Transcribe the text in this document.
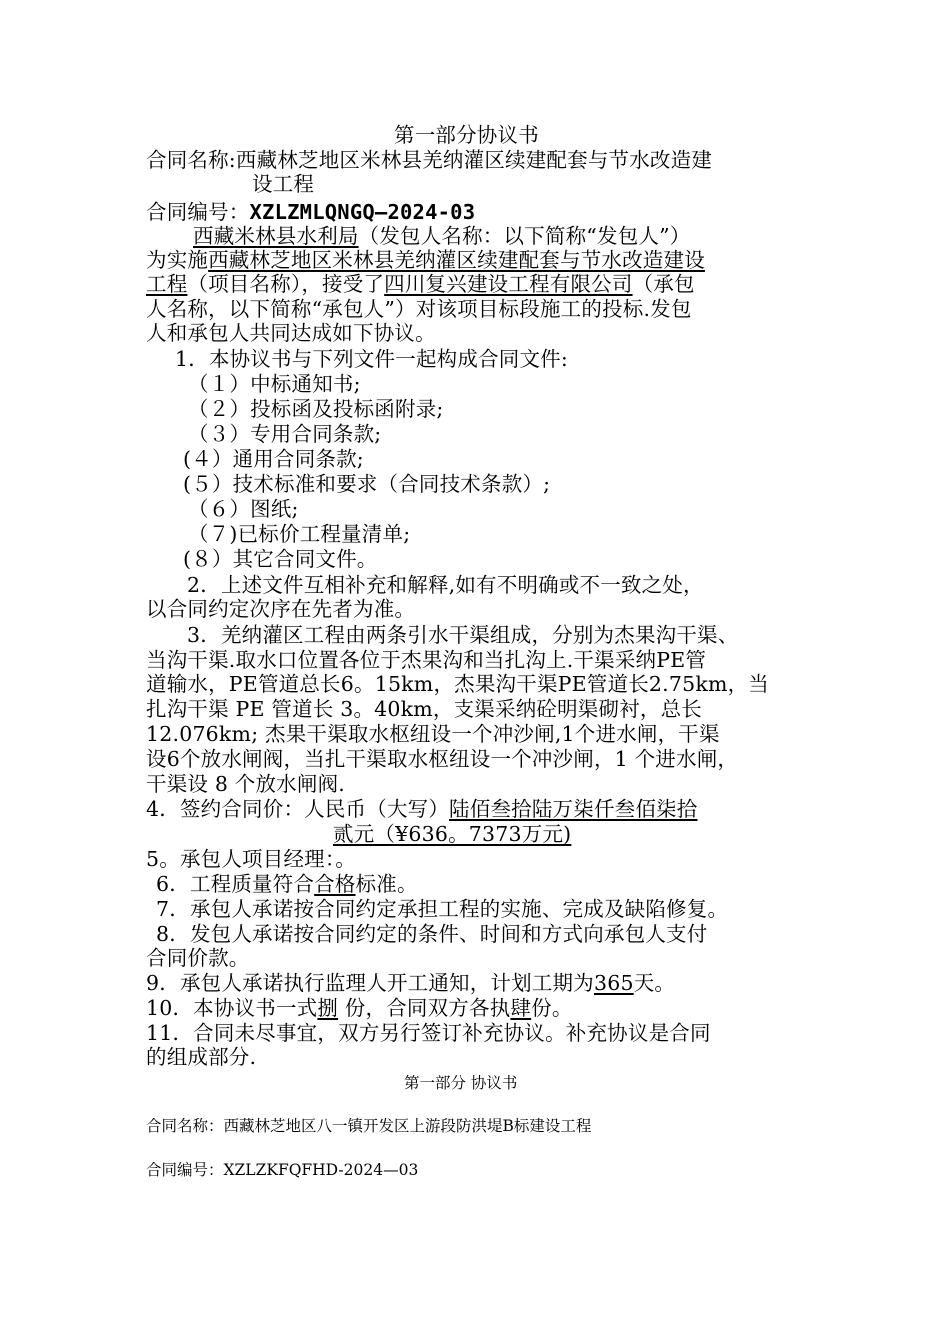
第一部分协议书
合同名称:西藏林芝地区米林县羌纳灌区续建配套与节水改造建
设工程
合同编号：XZLZMLQNGQ—2024-03
西藏米林县水利局（发包人名称：以下简称“发包人”）
为实施西藏林芝地区米林县羌纳灌区续建配套与节水改造建设
工程（项目名称），接受了四川复兴建设工程有限公司（承包
人名称，以下简称“承包人”）对该项目标段施工的投标.发包
人和承包人共同达成如下协议。
1．本协议书与下列文件一起构成合同文件:
（１）中标通知书;
（２）投标函及投标函附录;
（３）专用合同条款;
(４）通用合同条款;
(５）技术标准和要求（合同技术条款）;
（６）图纸;
（７)已标价工程量清单;
(８）其它合同文件。
2．上述文件互相补充和解释,如有不明确或不一致之处，
以合同约定次序在先者为准。
3．羌纳灌区工程由两条引水干渠组成，分别为杰果沟干渠、
当沟干渠.取水口位置各位于杰果沟和当扎沟上.干渠采纳PE管
道输水，PE管道总长6。15km，杰果沟干渠PE管道长2.75km，当
扎沟干渠 PE 管道长 3。40km，支渠采纳砼明渠砌衬，总长
12.076km; 杰果干渠取水枢纽设一个冲沙闸,1个进水闸，干渠
设6个放水闸阀，当扎干渠取水枢纽设一个冲沙闸，1 个进水闸，
干渠设 8 个放水闸阀.
4．签约合同价：人民币（大写）陆佰叁拾陆万柒仟叁佰柒拾
贰元（¥636。7373万元)
5。承包人项目经理：。
6．工程质量符合合格标准。
7．承包人承诺按合同约定承担工程的实施、完成及缺陷修复。
8．发包人承诺按合同约定的条件、时间和方式向承包人支付
合同价款。
9．承包人承诺执行监理人开工通知，计划工期为365天。
10．本协议书一式捌 份，合同双方各执肆份。
11．合同未尽事宜，双方另行签订补充协议。补充协议是合同
的组成部分.
第一部分 协议书
合同名称：西藏林芝地区八一镇开发区上游段防洪堤B标建设工程
合同编号：XZLZKFQFHD-2024—03
